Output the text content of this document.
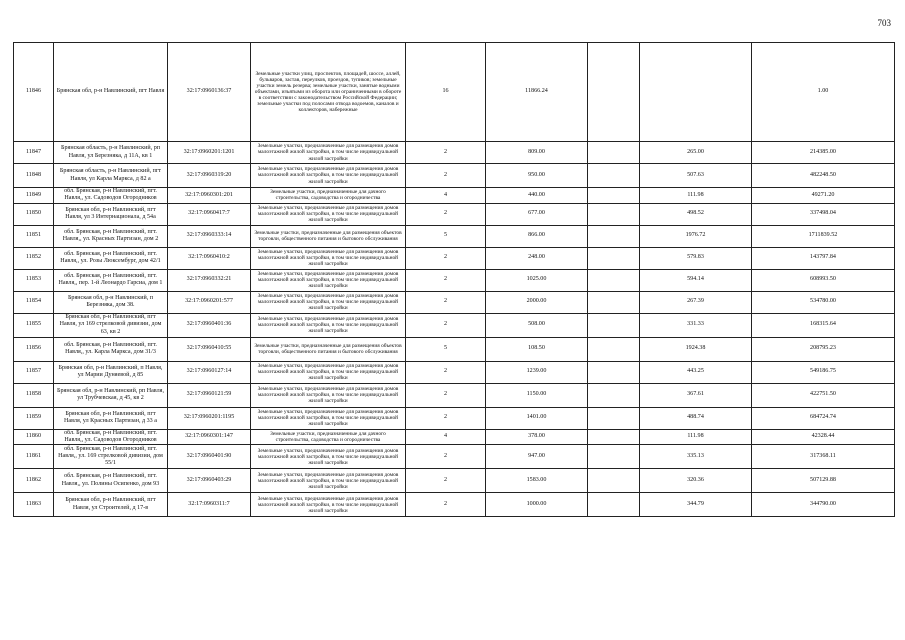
703
11846	Брянская обл, р-н Навлинский, пгт Навля	32:17:0960136:37	Земельные участки улиц, проспектов, площадей, шоссе, аллей, бульваров, застав, переулков, проездов, тупиков; земельные участки земель резерва; земельные участки, занятые водными объектами, изъятыми из оборота или ограниченными в обороте в соответствии с законодательством Российской Федерации; земельные участки под полосами отвода водоемов, каналов и коллекторов, набережные	16	11866.24			1.00
11847	Брянская область, р-н Навлинский, рп Навля, ул Березняка, д 11А, кв 1	32:17:0960201:1201	Земельные участки, предназначенные для размещения домов малоэтажной жилой застройки, в том числе индивидуальной жилой застройки	2	809.00		265.00	214385.00
11848	Брянская область, р-н Навлинский, пгт Навля, ул Карла Маркса, д 82 а	32:17:0960319:20	Земельные участки, предназначенные для размещения домов малоэтажной жилой застройки, в том числе индивидуальной жилой застройки	2	950.00		507.63	482248.50
11849	обл. Брянская, р-н Навлинский, пгт. Навля,, ул. Садоводов Огородников	32:17:0960301:201	Земельные участки, предназначенные для дачного строительства, садоводства и огородничества	4	440.00		111.98	49271.20
11850	Брянская обл, р-н Навлинский, пгт Навля, ул 3 Интернационала, д 54а	32:17:0960417:7	Земельные участки, предназначенные для размещения домов малоэтажной жилой застройки, в том числе индивидуальной жилой застройки	2	677.00		498.52	337498.04
11851	обл. Брянская, р-н Навлинский, пгт. Навля,, ул. Красных Партизан, дом 2	32:17:0960333:14	Земельные участки, предназначенные для размещения объектов торговли, общественного питания и бытового обслуживания	5	866.00		1976.72	1711839.52
11852	обл. Брянская, р-н Навлинский, пгт. Навля,, ул. Розы Люксембург, дом 42/1	32:17:0960410:2	Земельные участки, предназначенные для размещения домов малоэтажной жилой застройки, в том числе индивидуальной жилой застройки	2	248.00		579.83	143797.84
11853	обл. Брянская, р-н Навлинский, пгт. Навля,, пер. 1-й Леонардо Гарсиа, дом 1	32:17:0960332:21	Земельные участки, предназначенные для размещения домов малоэтажной жилой застройки, в том числе индивидуальной жилой застройки	2	1025.00		594.14	608993.50
11854	Брянская обл, р-н Навлинский, п Березняка, дом 38.	32:17:0960201:577	Земельные участки, предназначенные для размещения домов малоэтажной жилой застройки, в том числе индивидуальной жилой застройки	2	2000.00		267.39	534780.00
11855	Брянская обл, р-н Навлинский, пгт Навля, ул 169 стрелковой дивизии, дом 63, кв 2	32:17:0960401:36	Земельные участки, предназначенные для размещения домов малоэтажной жилой застройки, в том числе индивидуальной жилой застройки	2	508.00		331.33	168315.64
11856	обл. Брянская, р-н Навлинский, пгт. Навля,, ул. Карла Маркса, дом 31/3	32:17:0960410:55	Земельные участки, предназначенные для размещения объектов торговли, общественного питания и бытового обслуживания	5	108.50		1924.38	208795.23
11857	Брянская обл, р-н Навлинский, п Навля, ул Марии Дуняевой, д 85	32:17:0960127:14	Земельные участки, предназначенные для размещения домов малоэтажной жилой застройки, в том числе индивидуальной жилой застройки	2	1239.00		443.25	549186.75
11858	Брянская обл, р-н Навлинский, рп Навля, ул Трубчевская, д 45, кв 2	32:17:0960121:59	Земельные участки, предназначенные для размещения домов малоэтажной жилой застройки, в том числе индивидуальной жилой застройки	2	1150.00		367.61	422751.50
11859	Брянская обл, р-н Навлинский, пгт Навля, ул Красных Партизан, д 33 а	32:17:0960201:1195	Земельные участки, предназначенные для размещения домов малоэтажной жилой застройки, в том числе индивидуальной жилой застройки	2	1401.00		488.74	684724.74
11860	обл. Брянская, р-н Навлинский, пгт. Навля,, ул. Садоводов Огородников	32:17:0960301:147	Земельные участки, предназначенные для дачного строительства, садоводства и огородничества	4	378.00		111.98	42328.44
11861	обл. Брянская, р-н Навлинский, пгт. Навля,, ул. 169 стрелковой дивизии, дом 55/1	32:17:0960401:90	Земельные участки, предназначенные для размещения домов малоэтажной жилой застройки, в том числе индивидуальной жилой застройки	2	947.00		335.13	317368.11
11862	обл. Брянская, р-н Навлинский, пгт. Навля,, ул. Полины Осипенко, дом 93	32:17:0960403:29	Земельные участки, предназначенные для размещения домов малоэтажной жилой застройки, в том числе индивидуальной жилой застройки	2	1583.00		320.36	507129.88
11863	Брянская обл, р-н Навлинский, пгт Навля, ул Строителей, д 17-в	32:17:0960311:7	Земельные участки, предназначенные для размещения домов малоэтажной жилой застройки, в том числе индивидуальной жилой застройки	2	1000.00		344.79	344790.00
